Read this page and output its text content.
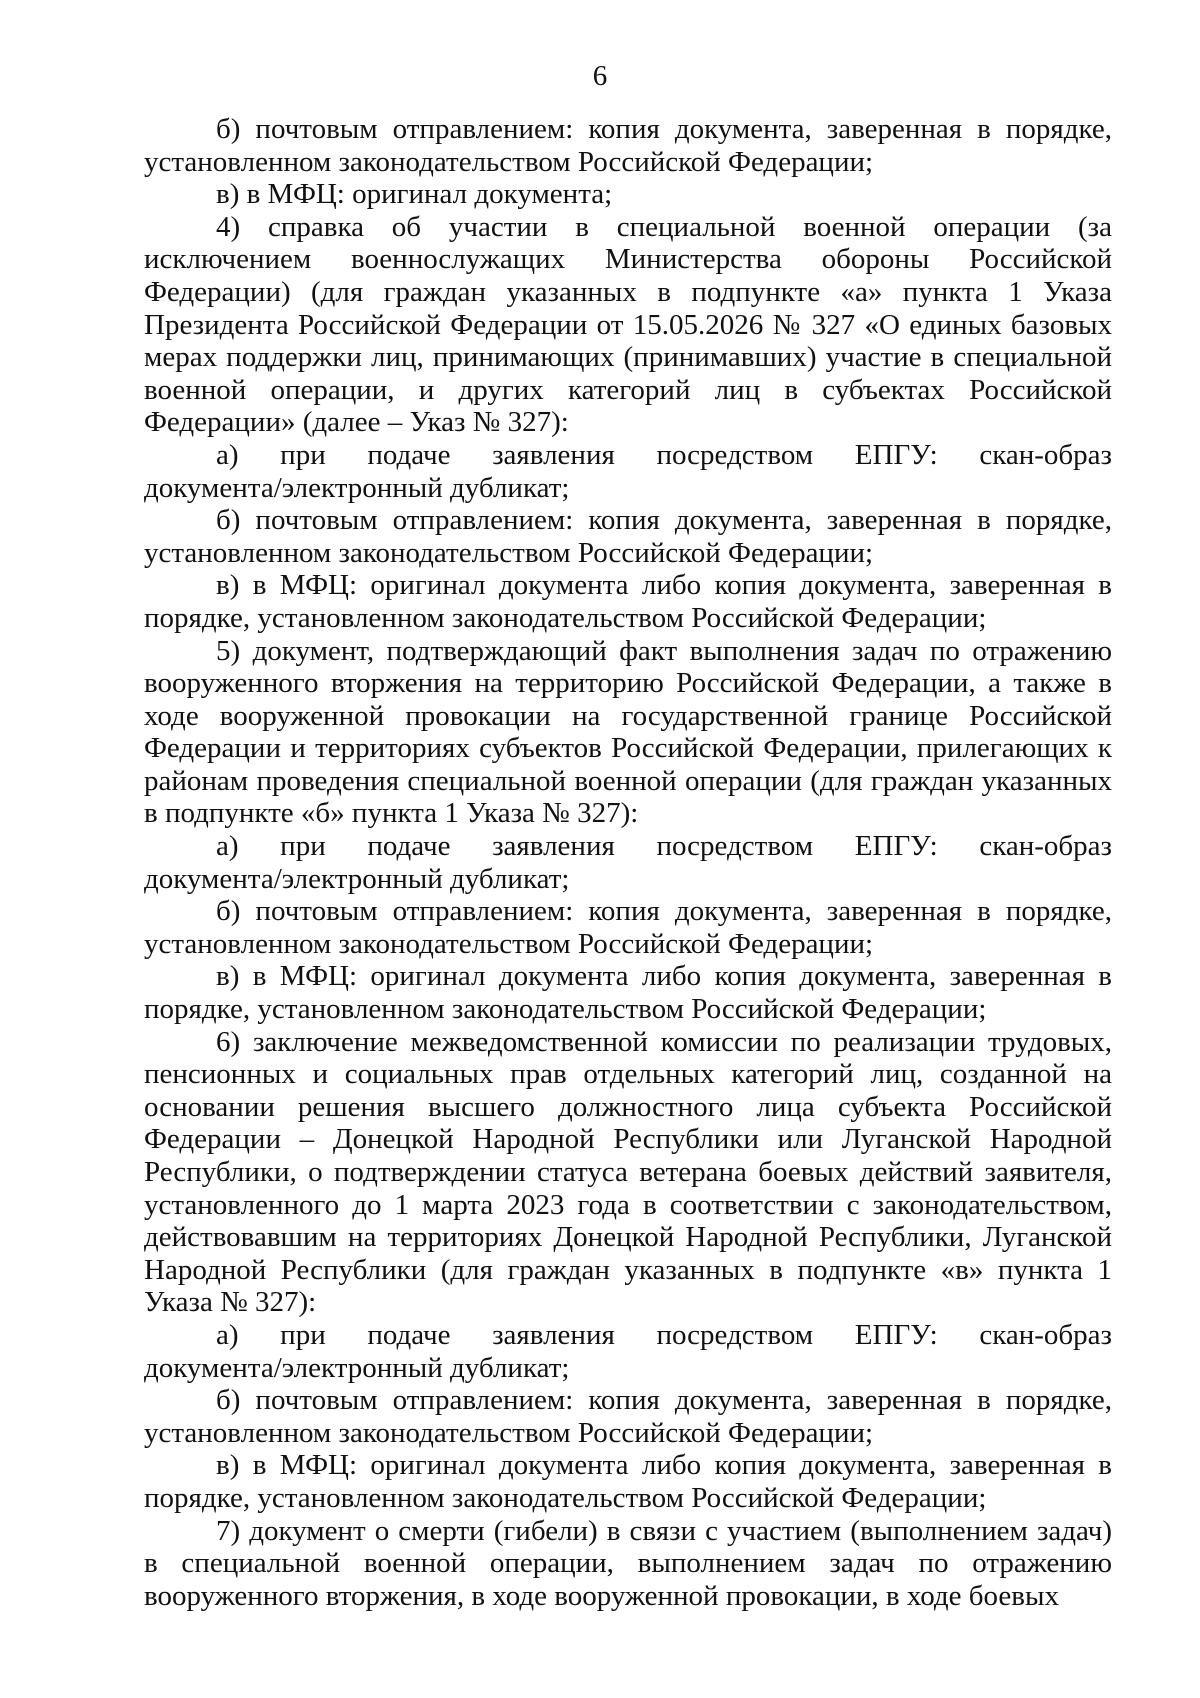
6

б) почтовым отправлением: копия документа, заверенная в порядке, установленном законодательством Российской Федерации;

в) в МФЦ: оригинал документа;

4) справка об участии в специальной военной операции (за исключением военнослужащих Министерства обороны Российской Федерации) (для граждан указанных в подпункте «а» пункта 1 Указа Президента Российской Федерации от 15.05.2026 № 327 «О единых базовых мерах поддержки лиц, принимающих (принимавших) участие в специальной военной операции, и других категорий лиц в субъектах Российской Федерации» (далее – Указ № 327):

а) при подаче заявления посредством ЕПГУ: скан-образ
документа/электронный дубликат;

б) почтовым отправлением: копия документа, заверенная в порядке, установленном законодательством Российской Федерации;

в) в МФЦ: оригинал документа либо копия документа, заверенная в порядке, установленном законодательством Российской Федерации;

5) документ, подтверждающий факт выполнения задач по отражению вооруженного вторжения на территорию Российской Федерации, а также в ходе вооруженной провокации на государственной границе Российской Федерации и территориях субъектов Российской Федерации, прилегающих к районам проведения специальной военной операции (для граждан указанных в подпункте «б» пункта 1 Указа № 327):

а) при подаче заявления посредством ЕПГУ: скан-образ
документа/электронный дубликат;

б) почтовым отправлением: копия документа, заверенная в порядке, установленном законодательством Российской Федерации;

в) в МФЦ: оригинал документа либо копия документа, заверенная в порядке, установленном законодательством Российской Федерации;

6) заключение межведомственной комиссии по реализации трудовых, пенсионных и социальных прав отдельных категорий лиц, созданной на основании решения высшего должностного лица субъекта Российской Федерации – Донецкой Народной Республики или Луганской Народной Республики, о подтверждении статуса ветерана боевых действий заявителя, установленного до 1 марта 2023 года в соответствии с законодательством, действовавшим на территориях Донецкой Народной Республики, Луганской Народной Республики (для граждан указанных в подпункте «в» пункта 1 Указа № 327):

а) при подаче заявления посредством ЕПГУ: скан-образ
документа/электронный дубликат;

б) почтовым отправлением: копия документа, заверенная в порядке, установленном законодательством Российской Федерации;

в) в МФЦ: оригинал документа либо копия документа, заверенная в порядке, установленном законодательством Российской Федерации;

7) документ о смерти (гибели) в связи с участием (выполнением задач) в специальной военной операции, выполнением задач по отражению вооруженного вторжения, в ходе вооруженной провокации, в ходе боевых
